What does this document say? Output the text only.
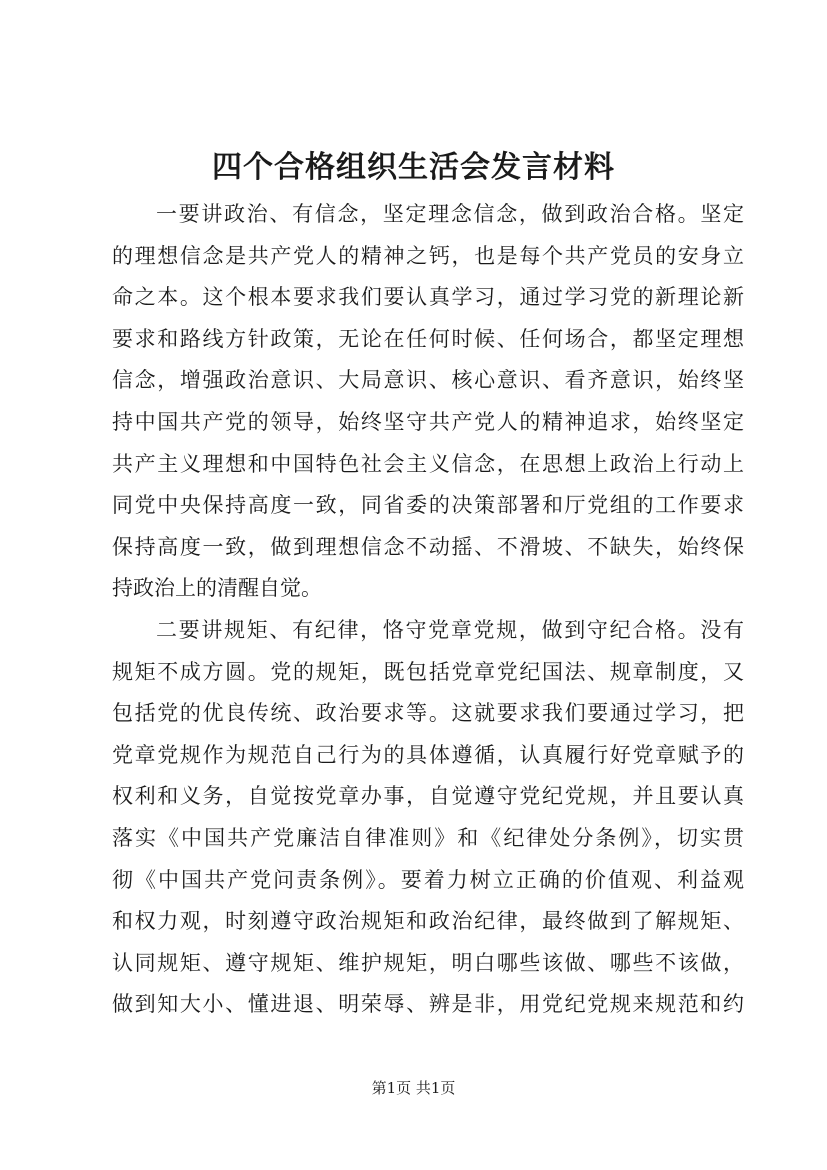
四个合格组织生活会发言材料
一要讲政治、有信念，坚定理念信念，做到政治合格。坚定
的理想信念是共产党人的精神之钙，也是每个共产党员的安身立
命之本。这个根本要求我们要认真学习，通过学习党的新理论新
要求和路线方针政策，无论在任何时候、任何场合，都坚定理想
信念，增强政治意识、大局意识、核心意识、看齐意识，始终坚
持中国共产党的领导，始终坚守共产党人的精神追求，始终坚定
共产主义理想和中国特色社会主义信念，在思想上政治上行动上
同党中央保持高度一致，同省委的决策部署和厅党组的工作要求
保持高度一致，做到理想信念不动摇、不滑坡、不缺失，始终保
持政治上的清醒自觉。
二要讲规矩、有纪律，恪守党章党规，做到守纪合格。没有
规矩不成方圆。党的规矩，既包括党章党纪国法、规章制度，又
包括党的优良传统、政治要求等。这就要求我们要通过学习，把
党章党规作为规范自己行为的具体遵循，认真履行好党章赋予的
权利和义务，自觉按党章办事，自觉遵守党纪党规，并且要认真
落实《中国共产党廉洁自律准则》和《纪律处分条例》，切实贯
彻《中国共产党问责条例》。要着力树立正确的价值观、利益观
和权力观，时刻遵守政治规矩和政治纪律，最终做到了解规矩、
认同规矩、遵守规矩、维护规矩，明白哪些该做、哪些不该做，
做到知大小、懂进退、明荣辱、辨是非，用党纪党规来规范和约
第1页 共1页
